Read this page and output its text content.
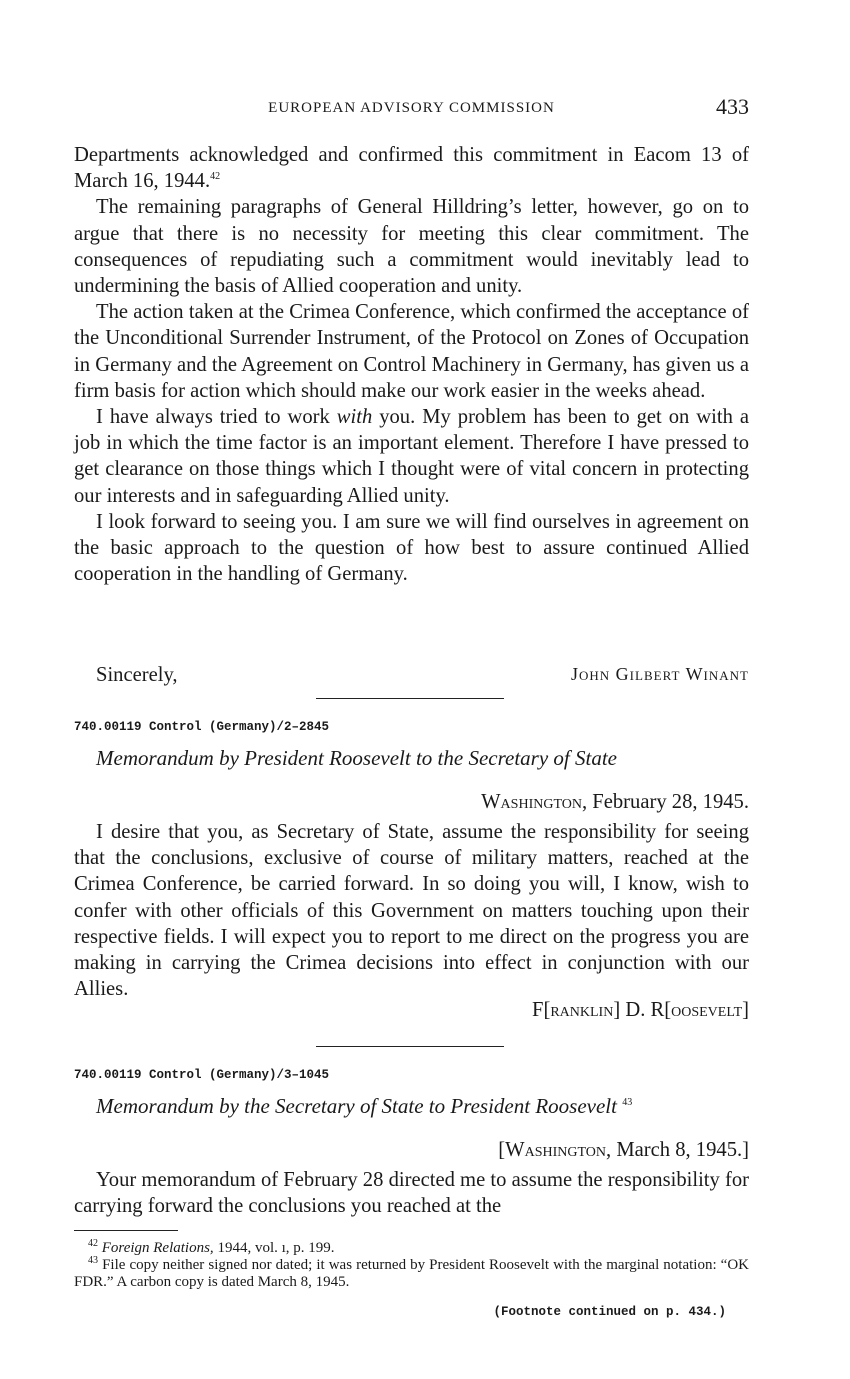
EUROPEAN ADVISORY COMMISSION	433

Departments acknowledged and confirmed this commitment in Eacom 13 of March 16, 1944.42

The remaining paragraphs of General Hilldring’s letter, however, go on to argue that there is no necessity for meeting this clear commitment. The consequences of repudiating such a commitment would inevitably lead to undermining the basis of Allied cooperation and unity.

The action taken at the Crimea Conference, which confirmed the acceptance of the Unconditional Surrender Instrument, of the Protocol on Zones of Occupation in Germany and the Agreement on Control Machinery in Germany, has given us a firm basis for action which should make our work easier in the weeks ahead.

I have always tried to work with you. My problem has been to get on with a job in which the time factor is an important element. Therefore I have pressed to get clearance on those things which I thought were of vital concern in protecting our interests and in safeguarding Allied unity.

I look forward to seeing you. I am sure we will find ourselves in agreement on the basic approach to the question of how best to assure continued Allied cooperation in the handling of Germany.

Sincerely,	John Gilbert Winant
740.00119 Control (Germany)/2–2845
Memorandum by President Roosevelt to the Secretary of State
Washington, February 28, 1945.

I desire that you, as Secretary of State, assume the responsibility for seeing that the conclusions, exclusive of course of military matters, reached at the Crimea Conference, be carried forward. In so doing you will, I know, wish to confer with other officials of this Government on matters touching upon their respective fields. I will expect you to report to me direct on the progress you are making in carrying the Crimea decisions into effect in conjunction with our Allies.

F[ranklin] D. R[oosevelt]
740.00119 Control (Germany)/3–1045
Memorandum by the Secretary of State to President Roosevelt $^{43}$
[Washington, March 8, 1945.]

Your memorandum of February 28 directed me to assume the responsibility for carrying forward the conclusions you reached at the

$^{42}$ Foreign Relations, 1944, vol. ı, p. 199.

$^{43}$ File copy neither signed nor dated; it was returned by President Roosevelt with the marginal notation: “OK FDR.” A carbon copy is dated March 8, 1945.

(Footnote continued on p. 434.)
